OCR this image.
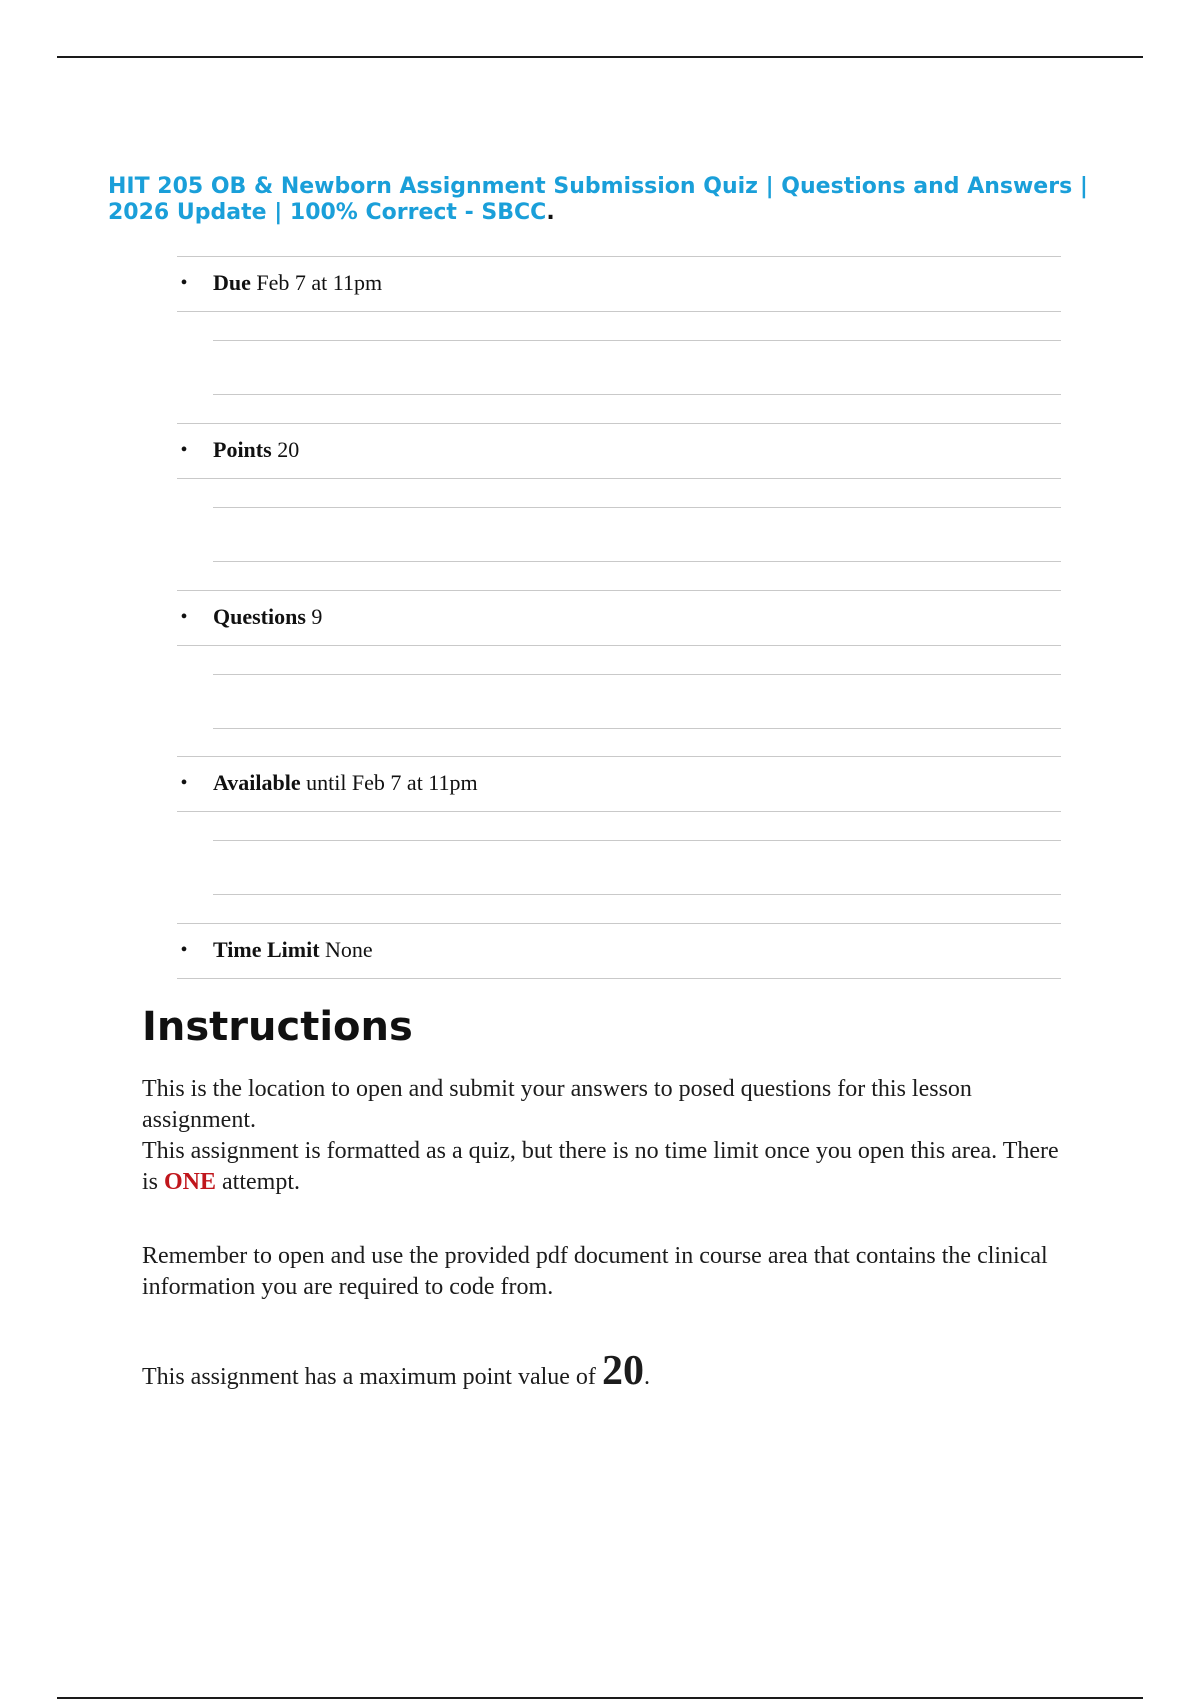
HIT 205 OB & Newborn Assignment Submission Quiz | Questions and Answers | 2026 Update | 100% Correct - SBCC.
• Due Feb 7 at 11pm
• Points 20
• Questions 9
• Available until Feb 7 at 11pm
• Time Limit None
Instructions

This is the location to open and submit your answers to posed questions for this lesson assignment.

This assignment is formatted as a quiz, but there is no time limit once you open this area. There is ONE attempt.

Remember to open and use the provided pdf document in course area that contains the clinical information you are required to code from.

This assignment has a maximum point value of 20.
